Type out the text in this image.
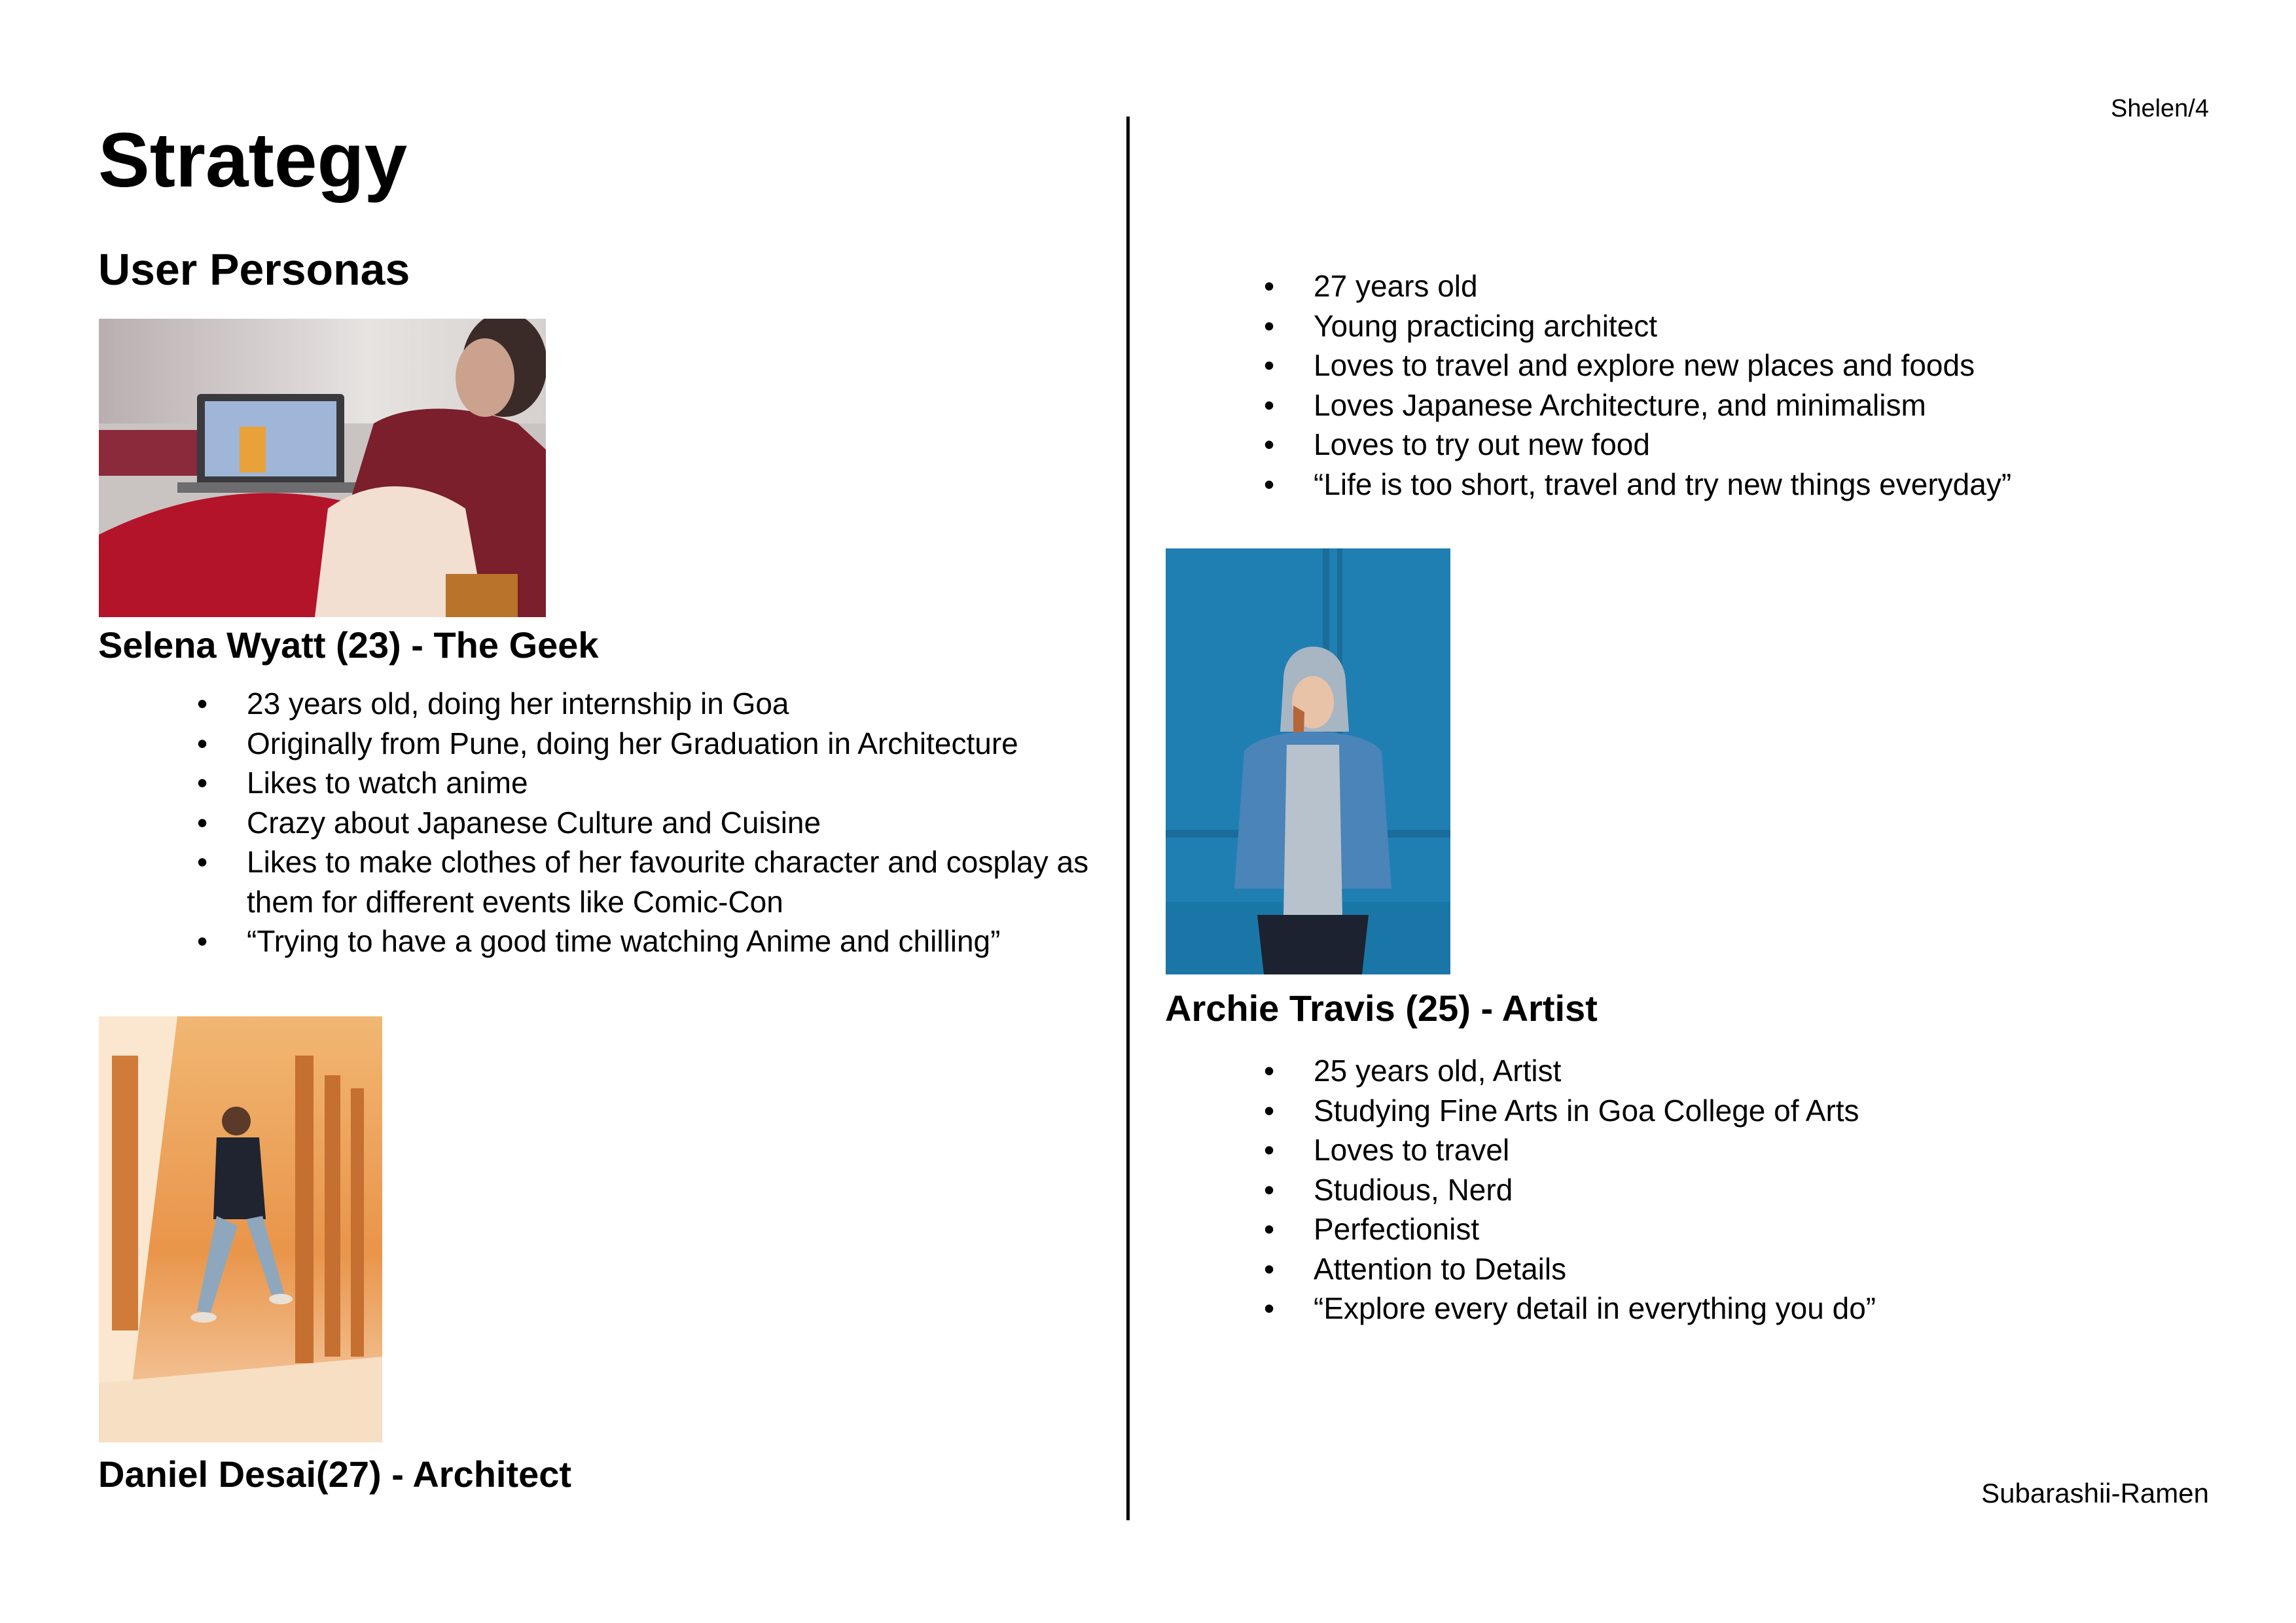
Shelen/4
Strategy
User Personas
Selena Wyatt (23) - The Geek
• 23 years old, doing her internship in Goa
• Originally from Pune, doing her Graduation in Architecture
• Likes to watch anime
• Crazy about Japanese Culture and Cuisine
• Likes to make clothes of her favourite character and cosplay as
them for different events like Comic-Con
• “Trying to have a good time watching Anime and chilling”
Daniel Desai(27) - Architect
• 27 years old
• Young practicing architect
• Loves to travel and explore new places and foods
• Loves Japanese Architecture, and minimalism
• Loves to try out new food
• “Life is too short, travel and try new things everyday”
Archie Travis (25) - Artist
• 25 years old, Artist
• Studying Fine Arts in Goa College of Arts
• Loves to travel
• Studious, Nerd
• Perfectionist
• Attention to Details
• “Explore every detail in everything you do”
Subarashii-Ramen
